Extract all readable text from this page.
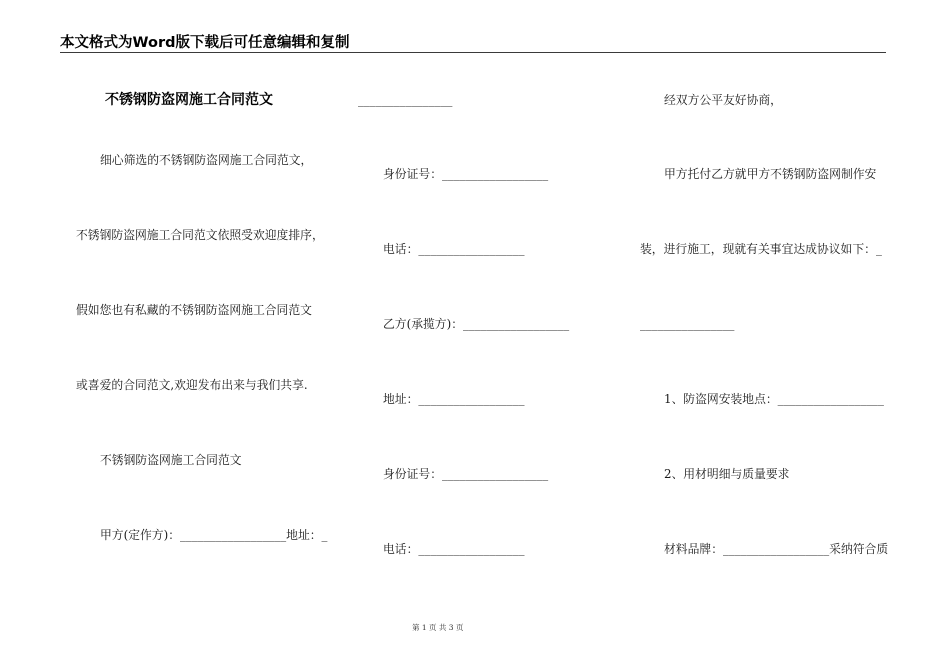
本文格式为Word版下载后可任意编辑和复制
不锈钢防盗网施工合同范文
细心筛选的不锈钢防盗网施工合同范文，
不锈钢防盗网施工合同范文依照受欢迎度排序，
假如您也有私藏的不锈钢防盗网施工合同范文
或喜爱的合同范文,欢迎发布出来与我们共享.
不锈钢防盗网施工合同范文
甲方(定作方)：__________________地址：_
________________
身份证号：__________________
电话：__________________
乙方(承揽方)：__________________
地址：__________________
身份证号：__________________
电话：__________________
经双方公平友好协商，
甲方托付乙方就甲方不锈钢防盗网制作安
装，进行施工，现就有关事宜达成协议如下：_
________________
1、防盗网安装地点：__________________
2、用材明细与质量要求
材料品牌：__________________采纳符合质
第 1 页 共 3 页
